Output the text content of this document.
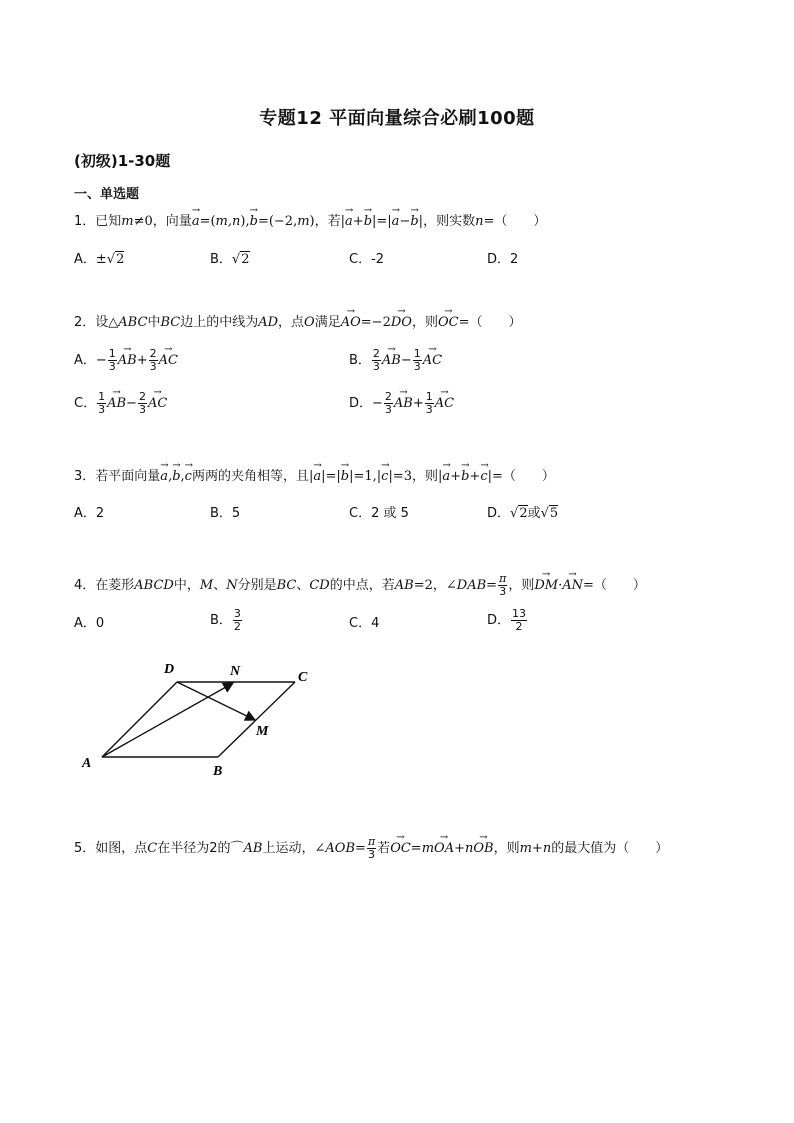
专题12 平面向量综合必刷100题
(初级)1-30题
一、单选题
1．已知m≠0，向量→ a=(m,n),→ b=(−2,m)，若|→ a+→ b|=|→ a−→ b|，则实数n=（　　）
A．±√2	B．√2	C．-2	D．2
2．设△ABC中BC边上的中线为AD，点O满足→ AO=−2→ DO，则→ OC=（　　）
A．− $\frac{1}{3}$
→ $AB+ \frac{2}{3}$
→ AC	B． $\frac{2}{3}$
→ $AB- \frac{1}{3}$
→ AC
C． $\frac{1}{3}$
→ $AB- \frac{2}{3}$
→ AC	D．− $\frac{2}{3}$
→ $AB+ \frac{1}{3}$
→ AC
3．若平面向量→ a,→ b,→ c两两的夹角相等，且|→ a|=|→ b|=1,|→ c|=3，则|→ a+→ b+→ c|=（　　）
A．2	B．5	C．2 或 5	D．√2或√5
4．在菱形ABCD中，M、N分别是BC、CD的中点，若AB=2，∠DAB= $\frac{\pi}{3}$ ，则→ DM·→ AN=（　　）
A．0	B． $\frac{3}{2}$	C．4	D． $\frac{13}{2}$
A
B
C
D
M
N
5．如图，点C在半径为2的⌒AB上运动，∠AOB= $\frac{\pi}{3}$ 若→ OC=m→ OA+n→ OB，则m+n的最大值为（　　）
